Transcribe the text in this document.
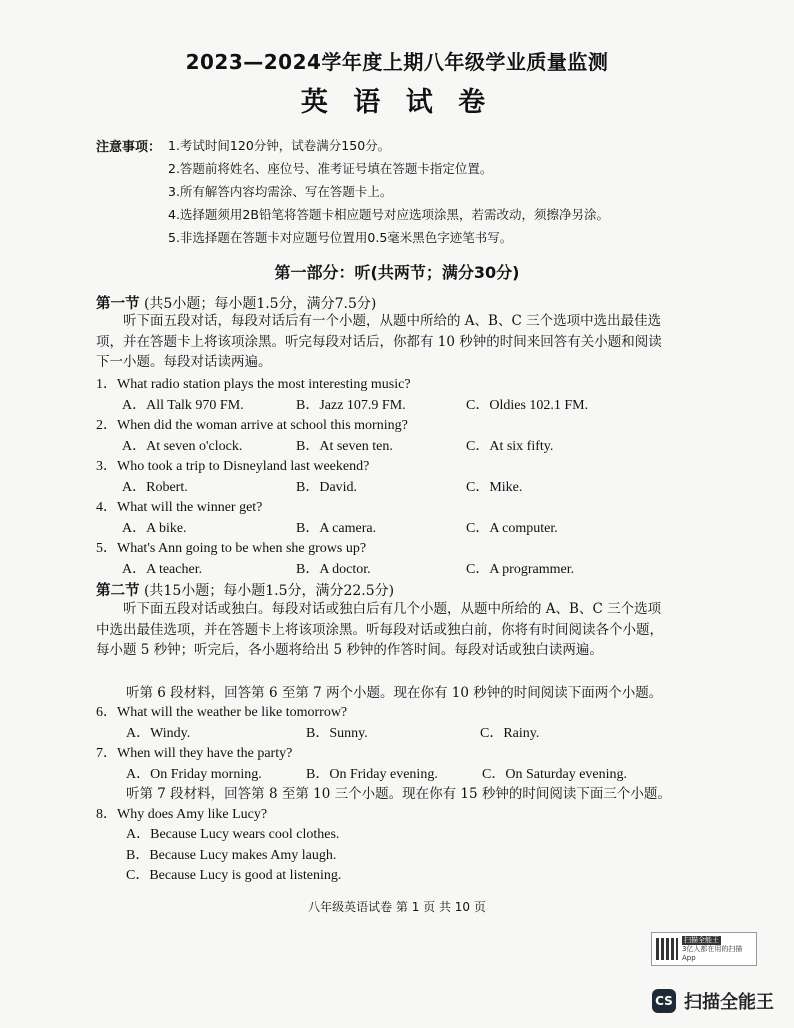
2023—2024学年度上期八年级学业质量监测
英 语 试 卷
注意事项： 1.考试时间120分钟，试卷满分150分。
2.答题前将姓名、座位号、准考证号填在答题卡指定位置。
3.所有解答内容均需涂、写在答题卡上。
4.选择题须用2B铅笔将答题卡相应题号对应选项涂黑，若需改动，须擦净另涂。
5.非选择题在答题卡对应题号位置用0.5毫米黑色字迹笔书写。
第一部分：听(共两节；满分30分)
第一节 (共5小题；每小题1.5分，满分7.5分)
听下面五段对话，每段对话后有一个小题，从题中所给的 A、B、C 三个选项中选出最佳选项，并在答题卡上将该项涂黑。听完每段对话后，你都有 10 秒钟的时间来回答有关小题和阅读下一小题。每段对话读两遍。
1．What radio station plays the most interesting music?
A．All Talk 970 FM.	B．Jazz 107.9 FM.	C．Oldies 102.1 FM.
2．When did the woman arrive at school this morning?
A．At seven o'clock.	B．At seven ten.	C．At six fifty.
3．Who took a trip to Disneyland last weekend?
A．Robert.	B．David.	C．Mike.
4．What will the winner get?
A．A bike.	B．A camera.	C．A computer.
5．What's Ann going to be when she grows up?
A．A teacher.	B．A doctor.	C．A programmer.
第二节 (共15小题；每小题1.5分，满分22.5分)
听下面五段对话或独白。每段对话或独白后有几个小题，从题中所给的 A、B、C 三个选项中选出最佳选项，并在答题卡上将该项涂黑。听每段对话或独白前，你将有时间阅读各个小题，每小题 5 秒钟；听完后，各小题将给出 5 秒钟的作答时间。每段对话或独白读两遍。
听第 6 段材料，回答第 6 至第 7 两个小题。现在你有 10 秒钟的时间阅读下面两个小题。
6．What will the weather be like tomorrow?
A．Windy.	B．Sunny.	C．Rainy.
7．When will they have the party?
A．On Friday morning.	B．On Friday evening.	C．On Saturday evening.
听第 7 段材料，回答第 8 至第 10 三个小题。现在你有 15 秒钟的时间阅读下面三个小题。
8．Why does Amy like Lucy?
A．Because Lucy wears cool clothes.
B．Because Lucy makes Amy laugh.
C．Because Lucy is good at listening.
八年级英语试卷 第 1 页 共 10 页
扫描全能王
3亿人都在用的扫描App
CS 扫描全能王
